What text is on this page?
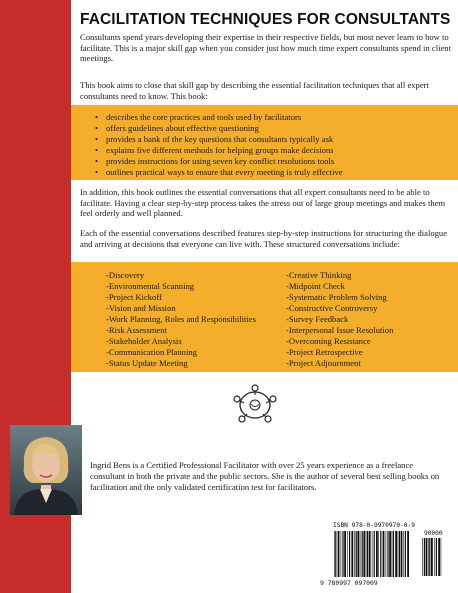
FACILITATION TECHNIQUES FOR CONSULTANTS
Consultants spend years developing their expertise in their respective fields, but most never learn to how to facilitate. This is a major skill gap when you consider just how much time expert consultants spend in client meetings.
This book aims to close that skill gap by describing the essential facilitation techniques that all expert consultants need to know. This book:
• describes the core practices and tools used by facilitators
• offers guidelines about effective questioning
• provides a bank of the key questions that consultants typically ask
• explains five different methods for helping groups make decisions
• provides instructions for using seven key conflict resolutions tools
• outlines practical ways to ensure that every meeting is truly effective
In addition, this book outlines the essential conversations that all expert consultants need to be able to facilitate. Having a clear step-by-step process takes the stress out of large group meetings and makes them feel orderly and well planned.
Each of the essential conversations described features step-by-step instructions for structuring the dialogue and arriving at decisions that everyone can live with. These structured conversations include:
-Discovery
-Environmental Scanning
-Project Kickoff
-Vision and Mission
-Work Planning, Roles and Responsibilities
-Risk Assessment
-Stakeholder Analysis
-Communication Planning
-Status Update Meeting
-Creative Thinking
-Midpoint Check
-Systematic Problem Solving
-Constructive Controversy
-Survey Feedback
-Interpersonal Issue Resolution
-Overcoming Resistance
-Project Retrospective
-Project Adjournment
Ingrid Bens is a Certified Professional Facilitator with over 25 years experience as a freelance consultant in both the private and the public sectors. She is the author of several best selling books on facilitation and the only validated certification test for facilitators.
ISBN 978-0-9970970-0-9
90000
9 780997 097009
